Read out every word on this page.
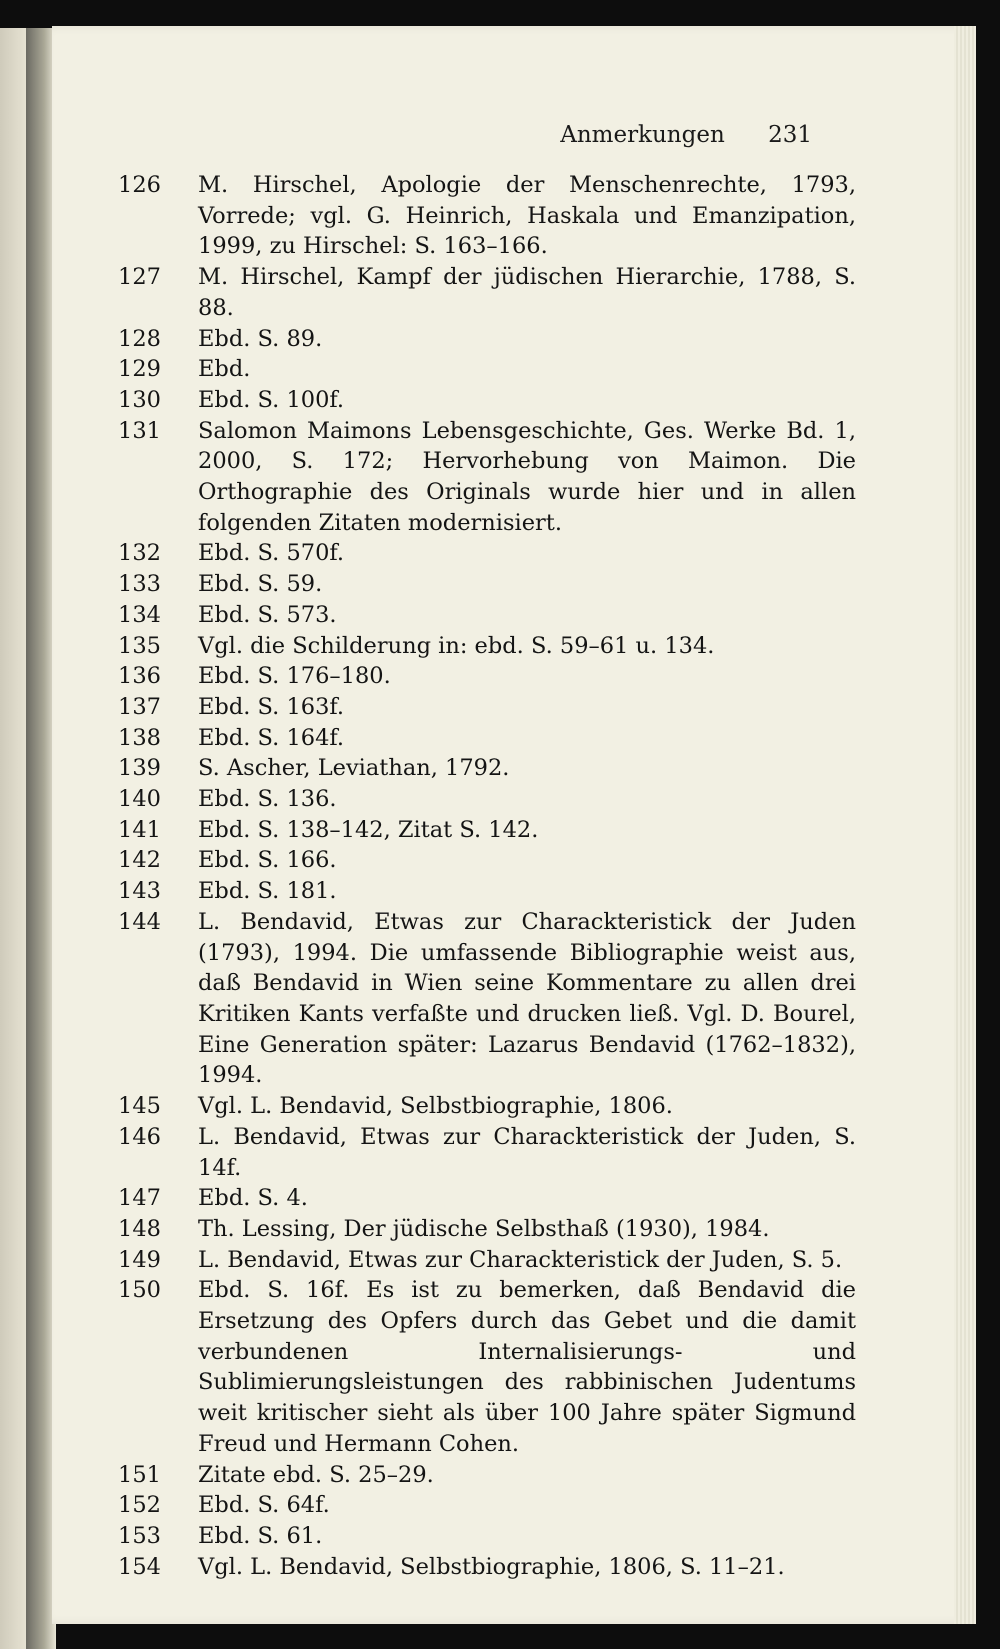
Anmerkungen 231
126	M. Hirschel, Apologie der Menschenrechte, 1793, Vorrede; vgl. G. Heinrich, Haskala und Emanzipation, 1999, zu Hirschel: S. 163–166.
127	M. Hirschel, Kampf der jüdischen Hierarchie, 1788, S. 88.
128	Ebd. S. 89.
129	Ebd.
130	Ebd. S. 100f.
131	Salomon Maimons Lebensgeschichte, Ges. Werke Bd. 1, 2000, S. 172; Hervorhebung von Maimon. Die Orthographie des Originals wurde hier und in allen folgenden Zitaten modernisiert.
132	Ebd. S. 570f.
133	Ebd. S. 59.
134	Ebd. S. 573.
135	Vgl. die Schilderung in: ebd. S. 59–61 u. 134.
136	Ebd. S. 176–180.
137	Ebd. S. 163f.
138	Ebd. S. 164f.
139	S. Ascher, Leviathan, 1792.
140	Ebd. S. 136.
141	Ebd. S. 138–142, Zitat S. 142.
142	Ebd. S. 166.
143	Ebd. S. 181.
144	L. Bendavid, Etwas zur Charackteristick der Juden (1793), 1994. Die umfassende Bibliographie weist aus, daß Bendavid in Wien seine Kommentare zu allen drei Kritiken Kants verfaßte und drucken ließ. Vgl. D. Bourel, Eine Generation später: Lazarus Bendavid (1762–1832), 1994.
145	Vgl. L. Bendavid, Selbstbiographie, 1806.
146	L. Bendavid, Etwas zur Charackteristick der Juden, S. 14f.
147	Ebd. S. 4.
148	Th. Lessing, Der jüdische Selbsthaß (1930), 1984.
149	L. Bendavid, Etwas zur Charackteristick der Juden, S. 5.
150	Ebd. S. 16f. Es ist zu bemerken, daß Bendavid die Ersetzung des Opfers durch das Gebet und die damit verbundenen Internalisierungs- und Sublimierungsleistungen des rabbinischen Judentums weit kritischer sieht als über 100 Jahre später Sigmund Freud und Hermann Cohen.
151	Zitate ebd. S. 25–29.
152	Ebd. S. 64f.
153	Ebd. S. 61.
154	Vgl. L. Bendavid, Selbstbiographie, 1806, S. 11–21.
